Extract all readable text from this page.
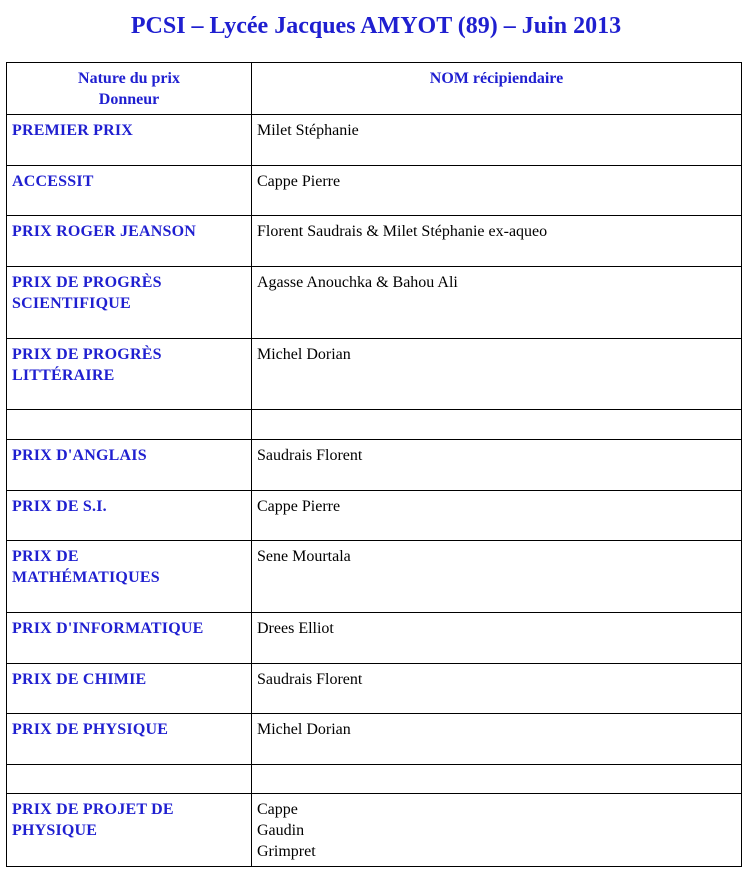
PCSI – Lycée Jacques AMYOT (89) – Juin 2013
Nature du prix
Donneur	NOM récipiendaire

PREMIER PRIX	Milet Stéphanie

ACCESSIT	Cappe Pierre

PRIX ROGER JEANSON	Florent Saudrais & Milet Stéphanie ex-aqueo

PRIX DE PROGRÈS
SCIENTIFIQUE	Agasse Anouchka & Bahou Ali

PRIX DE PROGRÈS
LITTÉRAIRE	Michel Dorian

PRIX D'ANGLAIS	Saudrais Florent

PRIX DE S.I.	Cappe Pierre

PRIX DE
MATHÉMATIQUES	Sene Mourtala

PRIX D'INFORMATIQUE	Drees Elliot

PRIX DE CHIMIE	Saudrais Florent

PRIX DE PHYSIQUE	Michel Dorian

PRIX DE PROJET DE
PHYSIQUE	Cappe
Gaudin
Grimpret
